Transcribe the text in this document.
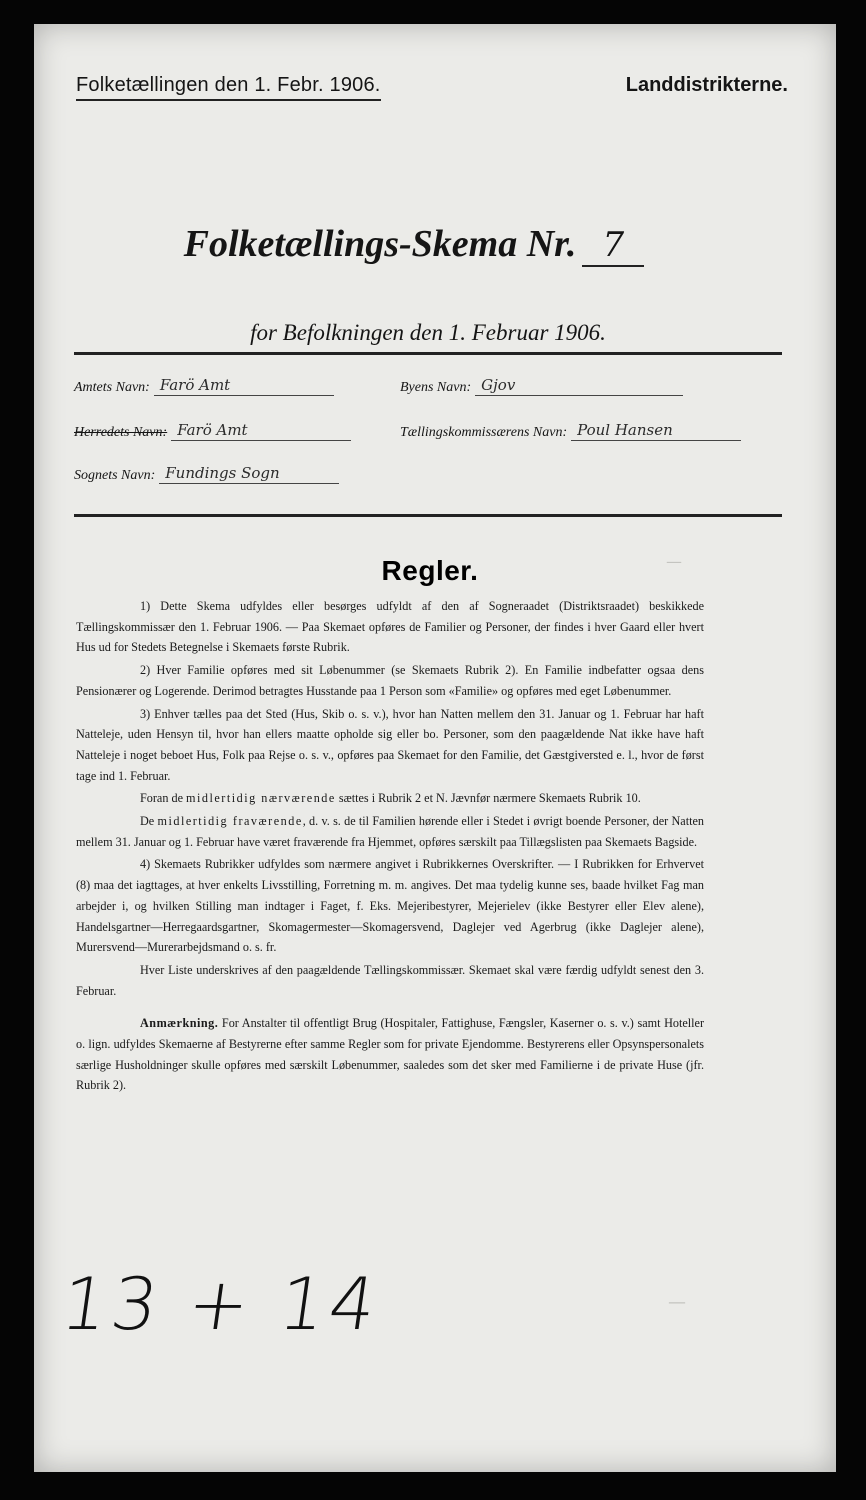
Folketællingen den 1. Febr. 1906.	Landdistrikterne.
Folketællings-Skema Nr. 7
for Befolkningen den 1. Februar 1906.
Amtets Navn: Farö Amt	Byens Navn: Gjov
Herredets Navn: Farö Amt	Tællingskommissærens Navn: Poul Hansen
Sognets Navn: Fundings Sogn
—
—
Regler.

1) Dette Skema udfyldes eller besørges udfyldt af den af Sogneraadet (Distriktsraadet) beskikkede Tællingskommissær den 1. Februar 1906. — Paa Skemaet opføres de Familier og Personer, der findes i hver Gaard eller hvert Hus ud for Stedets Betegnelse i Skemaets første Rubrik.

2) Hver Familie opføres med sit Løbenummer (se Skemaets Rubrik 2). En Familie indbefatter ogsaa dens Pensionærer og Logerende. Derimod betragtes Husstande paa 1 Person som «Familie» og opføres med eget Løbenummer.

3) Enhver tælles paa det Sted (Hus, Skib o. s. v.), hvor han Natten mellem den 31. Januar og 1. Februar har haft Natteleje, uden Hensyn til, hvor han ellers maatte opholde sig eller bo. Personer, som den paagældende Nat ikke have haft Natteleje i noget beboet Hus, Folk paa Rejse o. s. v., opføres paa Skemaet for den Familie, det Gæstgiversted e. l., hvor de først tage ind 1. Februar.

Foran de midlertidig nærværende sættes i Rubrik 2 et N. Jævnfør nærmere Skemaets Rubrik 10.

De midlertidig fraværende, d. v. s. de til Familien hørende eller i Stedet i øvrigt boende Personer, der Natten mellem 31. Januar og 1. Februar have været fraværende fra Hjemmet, opføres særskilt paa Tillægslisten paa Skemaets Bagside.

4) Skemaets Rubrikker udfyldes som nærmere angivet i Rubrikkernes Overskrifter. — I Rubrikken for Erhvervet (8) maa det iagttages, at hver enkelts Livsstilling, Forretning m. m. angives. Det maa tydelig kunne ses, baade hvilket Fag man arbejder i, og hvilken Stilling man indtager i Faget, f. Eks. Mejeribestyrer, Mejerielev (ikke Bestyrer eller Elev alene), Handelsgartner—Herregaardsgartner, Skomagermester—Skomagersvend, Daglejer ved Agerbrug (ikke Daglejer alene), Murersvend—Murerarbejdsmand o. s. fr.

Hver Liste underskrives af den paagældende Tællingskommissær. Skemaet skal være færdig udfyldt senest den 3. Februar.

Anmærkning. For Anstalter til offentligt Brug (Hospitaler, Fattighuse, Fængsler, Kaserner o. s. v.) samt Hoteller o. lign. udfyldes Skemaerne af Bestyrerne efter samme Regler som for private Ejendomme. Bestyrerens eller Opsynspersonalets særlige Husholdninger skulle opføres med særskilt Løbenummer, saaledes som det sker med Familierne i de private Huse (jfr. Rubrik 2).

13 + 14
